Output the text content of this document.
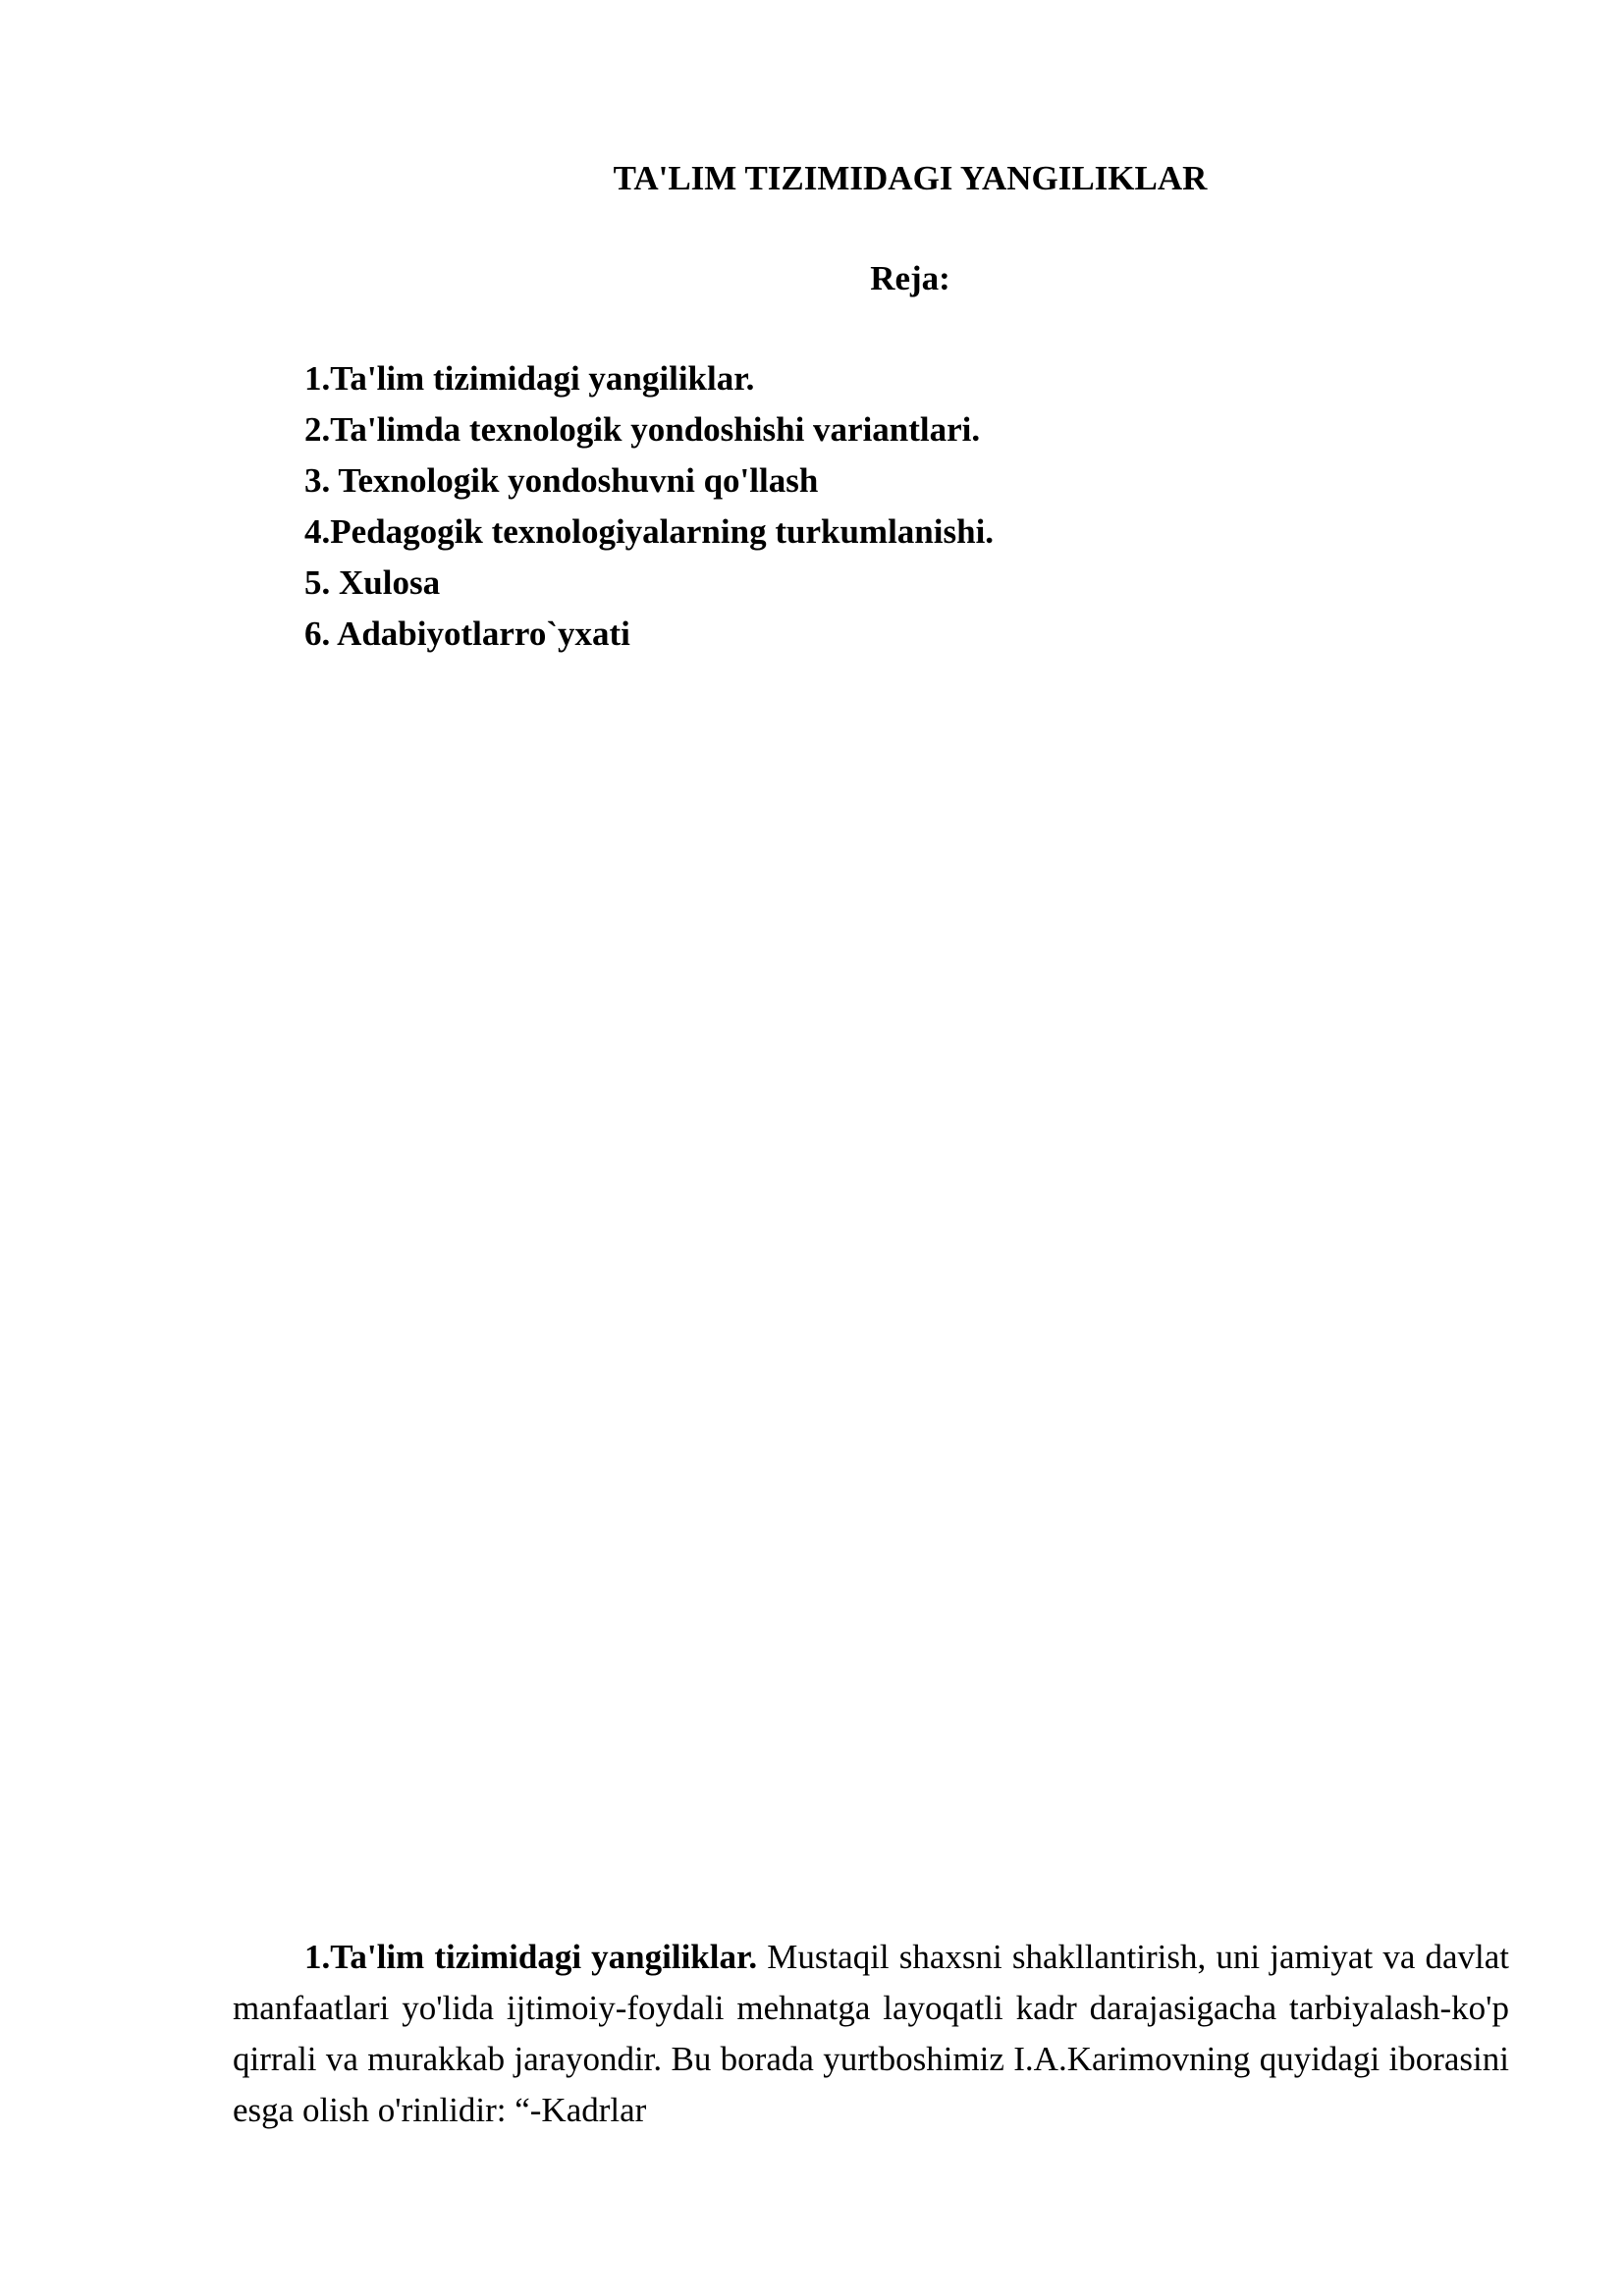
TA'LIM TIZIMIDAGI YANGILIKLAR
Reja:
1.Ta'lim tizimidagi yangiliklar.
2.Ta'limda texnologik yondoshishi variantlari.
3. Texnologik yondoshuvni qo'llash
4.Pedagogik texnologiyalarning turkumlanishi.
5. Xulosa
6. Adabiyotlarro`yxati

1.Ta'lim tizimidagi yangiliklar. Mustaqil shaxsni shakllantirish, uni jamiyat va davlat manfaatlari yo'lida ijtimoiy-foydali mehnatga layoqatli kadr darajasigacha tarbiyalash-ko'p qirrali va murakkab jarayondir. Bu borada yurtboshimiz I.A.Karimovning quyidagi iborasini esga olish o'rinlidir: “-Kadrlar
